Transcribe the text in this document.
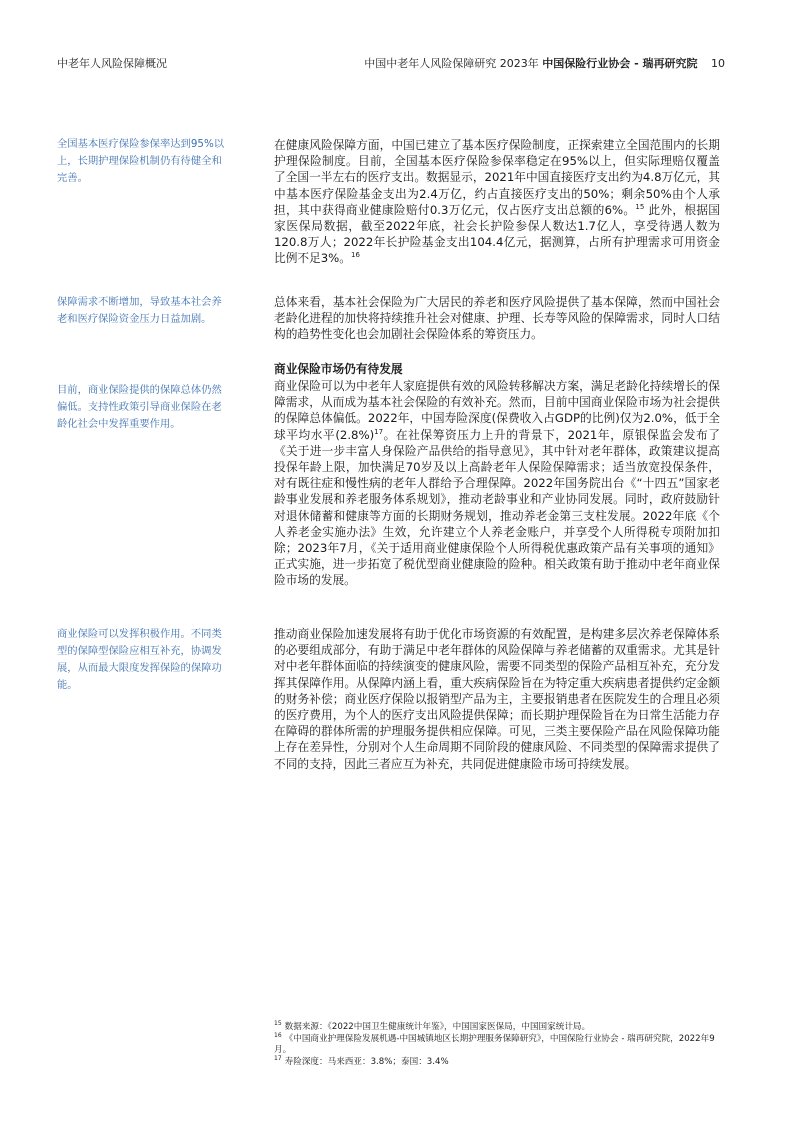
中老年人风险保障概况	中国中老年人风险保障研究 2023年 中国保险行业协会 - 瑞再研究院 10
全国基本医疗保险参保率达到95%以上，长期护理保险机制仍有待健全和完善。
在健康风险保障方面，中国已建立了基本医疗保险制度，正探索建立全国范围内的长期护理保险制度。目前，全国基本医疗保险参保率稳定在95%以上，但实际理赔仅覆盖了全国一半左右的医疗支出。数据显示，2021年中国直接医疗支出约为4.8万亿元，其中基本医疗保险基金支出为2.4万亿，约占直接医疗支出的50%；剩余50%由个人承担，其中获得商业健康险赔付0.3万亿元，仅占医疗支出总额的6%。$^{15}$ 此外，根据国家医保局数据，截至2022年底，社会长护险参保人数达1.7亿人，享受待遇人数为120.8万人；2022年长护险基金支出104.4亿元，据测算，占所有护理需求可用资金比例不足3%。$^{16}$
保障需求不断增加，导致基本社会养老和医疗保险资金压力日益加剧。
总体来看，基本社会保险为广大居民的养老和医疗风险提供了基本保障，然而中国社会老龄化进程的加快将持续推升社会对健康、护理、长寿等风险的保障需求，同时人口结构的趋势性变化也会加剧社会保险体系的筹资压力。

商业保险市场仍有待发展

目前，商业保险提供的保障总体仍然偏低。支持性政策引导商业保险在老龄化社会中发挥重要作用。
商业保险可以为中老年人家庭提供有效的风险转移解决方案，满足老龄化持续增长的保障需求，从而成为基本社会保险的有效补充。然而，目前中国商业保险市场为社会提供的保障总体偏低。2022年，中国寿险深度(保费收入占GDP的比例)仅为2.0%，低于全球平均水平$(2.8\%)^{17}$。在社保筹资压力上升的背景下，2021年，原银保监会发布了《关于进一步丰富人身保险产品供给的指导意见》，其中针对老年群体，政策建议提高投保年龄上限，加快满足70岁及以上高龄老年人保险保障需求；适当放宽投保条件，对有既往症和慢性病的老年人群给予合理保障。2022年国务院出台《“十四五”国家老龄事业发展和养老服务体系规划》，推动老龄事业和产业协同发展。同时，政府鼓励针对退休储蓄和健康等方面的长期财务规划，推动养老金第三支柱发展。2022年底《个人养老金实施办法》生效，允许建立个人养老金账户，并享受个人所得税专项附加扣除；2023年7月，《关于适用商业健康保险个人所得税优惠政策产品有关事项的通知》正式实施，进一步拓宽了税优型商业健康险的险种。相关政策有助于推动中老年商业保险市场的发展。
商业保险可以发挥积极作用。不同类型的保障型保险应相互补充，协调发展，从而最大限度发挥保险的保障功能。
推动商业保险加速发展将有助于优化市场资源的有效配置，是构建多层次养老保障体系的必要组成部分，有助于满足中老年群体的风险保障与养老储蓄的双重需求。尤其是针对中老年群体面临的持续演变的健康风险，需要不同类型的保险产品相互补充，充分发挥其保障作用。从保障内涵上看，重大疾病保险旨在为特定重大疾病患者提供约定金额的财务补偿；商业医疗保险以报销型产品为主，主要报销患者在医院发生的合理且必须的医疗费用，为个人的医疗支出风险提供保障；而长期护理保险旨在为日常生活能力存在障碍的群体所需的护理服务提供相应保障。可见，三类主要保险产品在风险保障功能上存在差异性，分别对个人生命周期不同阶段的健康风险、不同类型的保障需求提供了不同的支持，因此三者应互为补充，共同促进健康险市场可持续发展。

$^{15}$ 数据来源：《2022中国卫生健康统计年鉴》，中国国家医保局，中国国家统计局。

$^{16}$ 《中国商业护理保险发展机遇-中国城镇地区长期护理服务保障研究》，中国保险行业协会 - 瑞再研究院，2022年9月。

$^{17}$ 寿险深度：马来西亚：3.8%；泰国：3.4%
